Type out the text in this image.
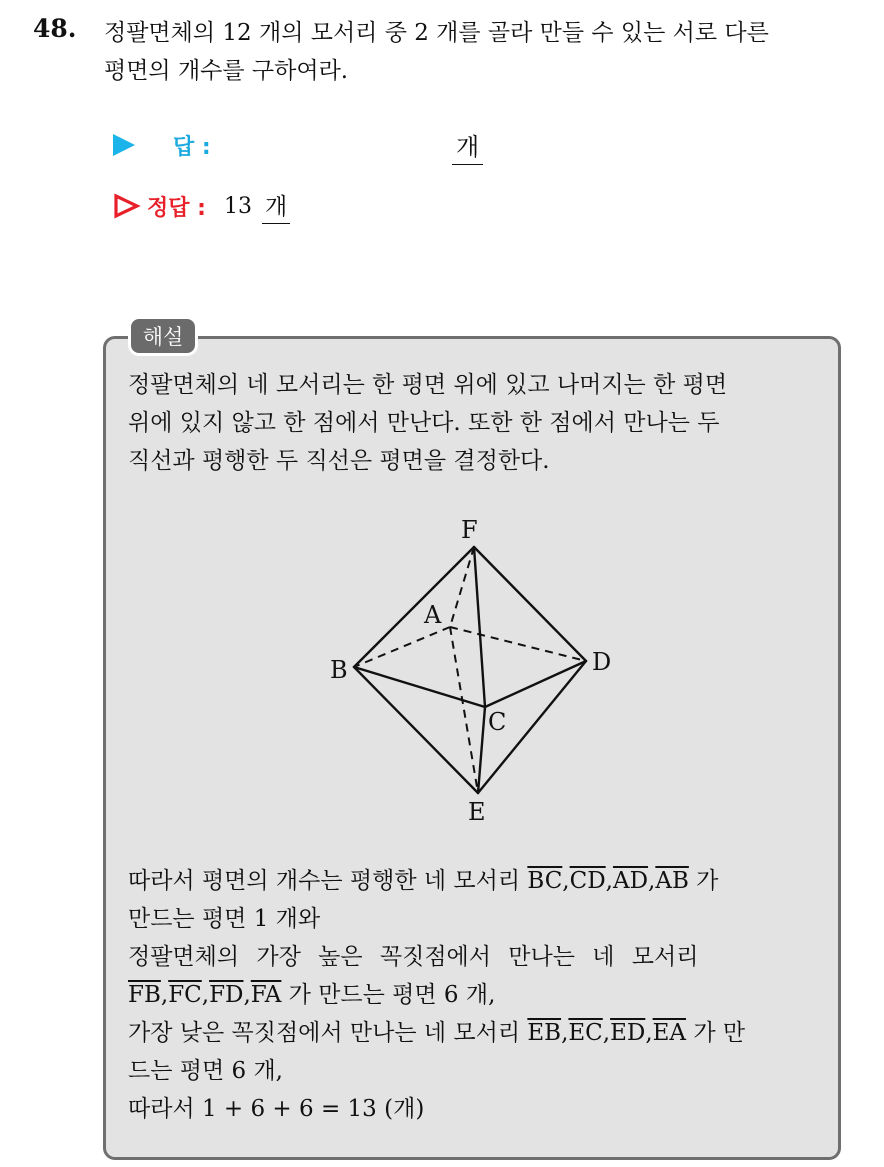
48. 정팔면체의 12 개의 모서리 중 2 개를 골라 만들 수 있는 서로 다른
평면의 개수를 구하여라.
답 :	개
정답 : 13 개
해설
정팔면체의 네 모서리는 한 평면 위에 있고 나머지는 한 평면
위에 있지 않고 한 점에서 만난다. 또한 한 점에서 만나는 두
직선과 평행한 두 직선은 평면을 결정한다.
F
A
B
C
D
E
따라서 평면의 개수는 평행한 네 모서리 $\overline{BC},\overline{CD},\overline{AD},\overline{AB}$ 가
만드는 평면 1 개와
정팔면체의 가장 높은 꼭짓점에서 만나는 네 모서리
$\overline{FB},\overline{FC},\overline{FD},\overline{FA}$ 가 만드는 평면 6 개,
가장 낮은 꼭짓점에서 만나는 네 모서리 $\overline{EB},\overline{EC},\overline{ED},\overline{EA}$ 가 만
드는 평면 6 개,
따라서 1 + 6 + 6 = 13 (개)
